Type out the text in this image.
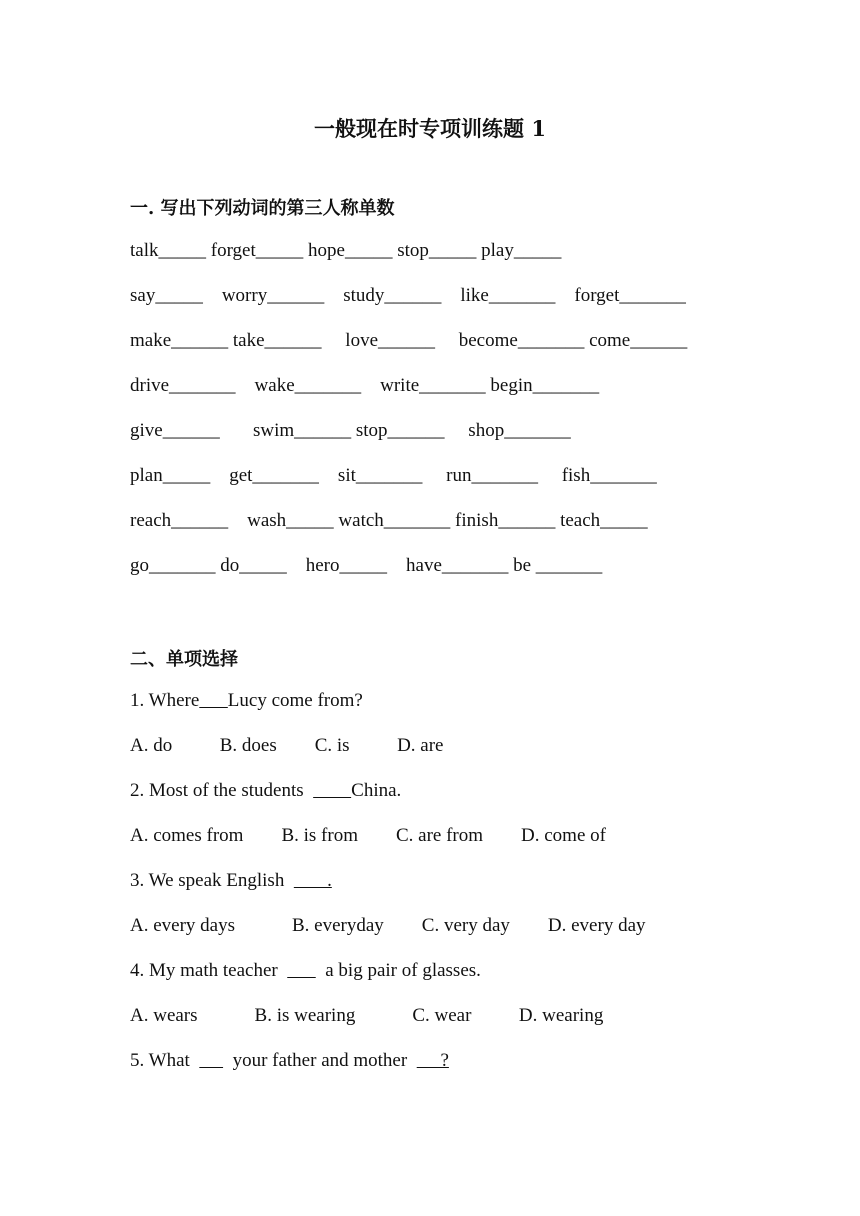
一般现在时专项训练题 1
一. 写出下列动词的第三人称单数
talk_____ forget_____ hope_____ stop_____ play_____
say_____    worry______    study______    like_______    forget_______
make______ take______     love______     become_______ come______
drive_______    wake_______    write_______ begin_______
give______       swim______ stop______     shop_______
plan_____    get_______    sit_______     run_______     fish_______
reach______    wash_____ watch_______ finish______ teach_____
go_______ do_____    hero_____    have_______ be _______
二、单项选择
1. Where Lucy come from?
A. do          B. does        C. is          D. are
2. Most of the students          China.
A. comes from        B. is from        C. are from        D. come of
3. We speak English         .
A. every days            B. everyday        C. very day        D. every day
4. My math teacher          a big pair of glasses.
A. wears            B. is wearing            C. wear          D. wearing
5. What         your father and mother       ?
